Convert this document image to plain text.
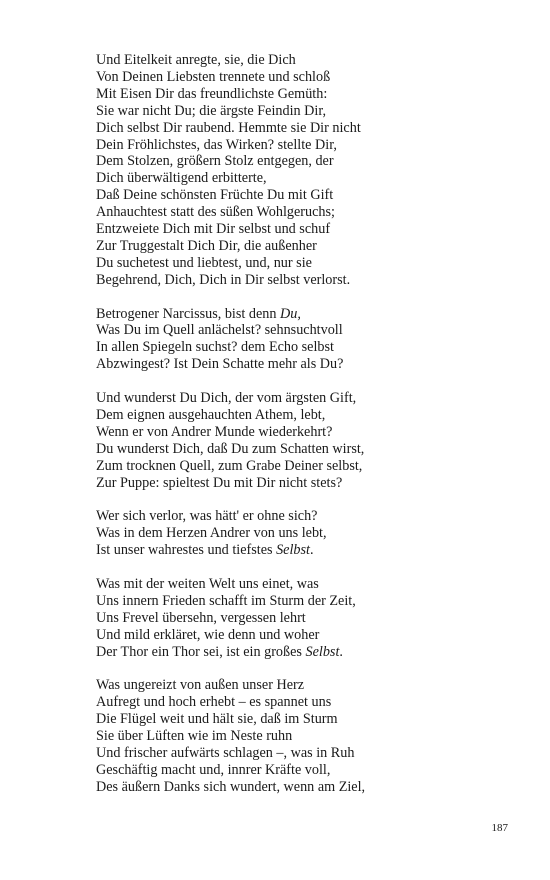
Und Eitelkeit anregte, sie, die Dich
Von Deinen Liebsten trennete und schloß
Mit Eisen Dir das freundlichste Gemüth:
Sie war nicht Du; die ärgste Feindin Dir,
Dich selbst Dir raubend. Hemmte sie Dir nicht
Dein Fröhlichstes, das Wirken? stellte Dir,
Dem Stolzen, größern Stolz entgegen, der
Dich überwältigend erbitterte,
Daß Deine schönsten Früchte Du mit Gift
Anhauchtest statt des süßen Wohlgeruchs;
Entzweiete Dich mit Dir selbst und schuf
Zur Truggestalt Dich Dir, die außenher
Du suchetest und liebtest, und, nur sie
Begehrend, Dich, Dich in Dir selbst verlorst.
Betrogener Narcissus, bist denn Du,
Was Du im Quell anlächelst? sehnsuchtvoll
In allen Spiegeln suchst? dem Echo selbst
Abzwingest? Ist Dein Schatte mehr als Du?
Und wunderst Du Dich, der vom ärgsten Gift,
Dem eignen ausgehauchten Athem, lebt,
Wenn er von Andrer Munde wiederkehrt?
Du wunderst Dich, daß Du zum Schatten wirst,
Zum trocknen Quell, zum Grabe Deiner selbst,
Zur Puppe: spieltest Du mit Dir nicht stets?
Wer sich verlor, was hätt' er ohne sich?
Was in dem Herzen Andrer von uns lebt,
Ist unser wahrestes und tiefstes Selbst.
Was mit der weiten Welt uns einet, was
Uns innern Frieden schafft im Sturm der Zeit,
Uns Frevel übersehn, vergessen lehrt
Und mild erkläret, wie denn und woher
Der Thor ein Thor sei, ist ein großes Selbst.
Was ungereizt von außen unser Herz
Aufregt und hoch erhebt – es spannet uns
Die Flügel weit und hält sie, daß im Sturm
Sie über Lüften wie im Neste ruhn
Und frischer aufwärts schlagen –, was in Ruh
Geschäftig macht und, innrer Kräfte voll,
Des äußern Danks sich wundert, wenn am Ziel,
187
